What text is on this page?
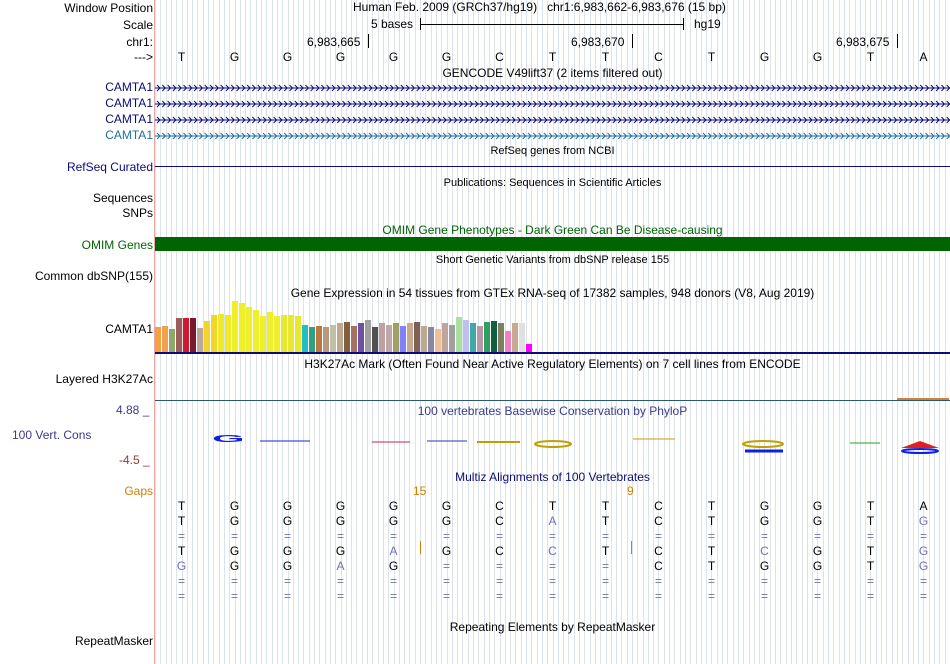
Window Position
Scale
chr1:
--->
Human Feb. 2009 (GRCh37/hg19)   chr1:6,983,662-6,983,676 (15 bp)
5 bases	hg19
6,983,665	6,983,670	6,983,675
T	G	G	G	G	G	C	T	T	C	T	G	G	T	A
GENCODE V49lift37 (2 items filtered out)
CAMTA1
CAMTA1
CAMTA1
CAMTA1
RefSeq Curated
RefSeq genes from NCBI
Publications: Sequences in Scientific Articles
Sequences
SNPs
OMIM Gene Phenotypes - Dark Green Can Be Disease-causing
OMIM Genes
Short Genetic Variants from dbSNP release 155
Common dbSNP(155)
Gene Expression in 54 tissues from GTEx RNA-seq of 17382 samples, 948 donors (V8, Aug 2019)
CAMTA1
H3K27Ac Mark (Often Found Near Active Regulatory Elements) on 7 cell lines from ENCODE
Layered H3K27Ac
100 vertebrates Basewise Conservation by PhyloP
4.88 _
100 Vert. Cons
-4.5 _
G
Multiz Alignments of 100 Vertebrates
Gaps	15	9
T	G	G	G	G	G	C	T	T	C	T	G	G	T	A
T	G	G	G	G	G	C	A	T	C	T	G	G	T	G
=	=	=	=	=	=	=	=	=	=	=	=	=	=	=
T	G	G	G	A	G	C	C	T	C	T	C	G	T	G
G	G	G	A	G	=	=	=	=	C	T	G	G	T	G
=	=	=	=	=	=	=	=	=	=	=	=	=	=	=
=	=	=	=	=	=	=	=	=	=	=	=	=	=	=
Repeating Elements by RepeatMasker
RepeatMasker
